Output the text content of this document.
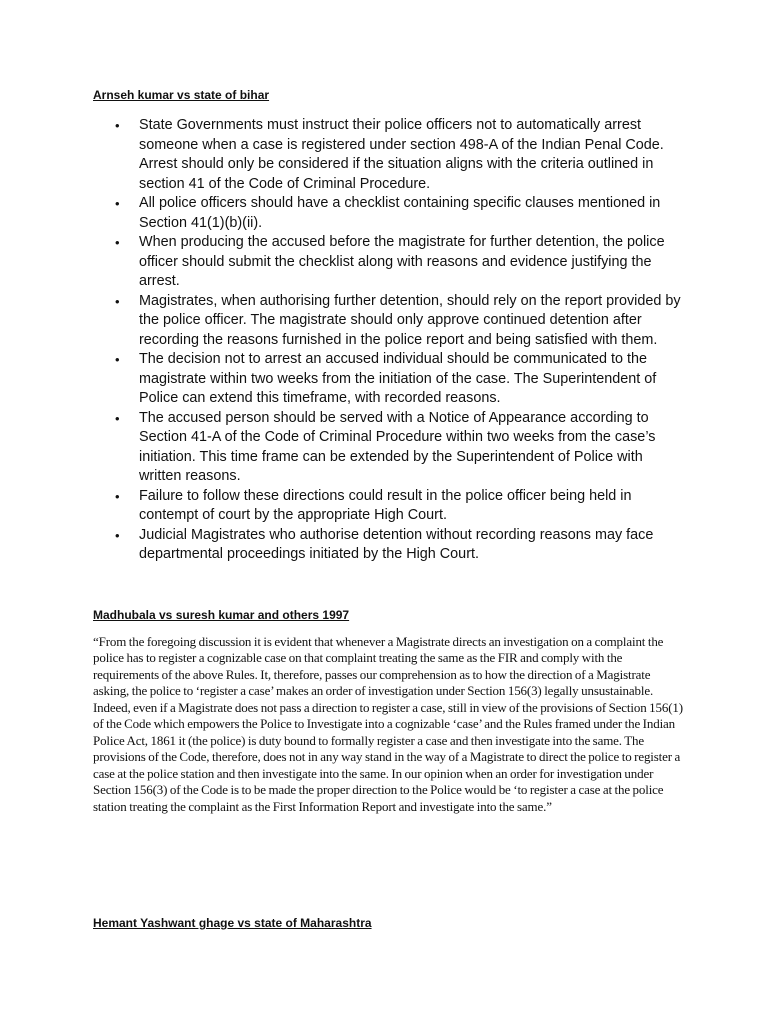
Arnseh kumar vs state of bihar
• State Governments must instruct their police officers not to automatically arrest someone when a case is registered under section 498-A of the Indian Penal Code. Arrest should only be considered if the situation aligns with the criteria outlined in section 41 of the Code of Criminal Procedure.
• All police officers should have a checklist containing specific clauses mentioned in Section 41(1)(b)(ii).
• When producing the accused before the magistrate for further detention, the police officer should submit the checklist along with reasons and evidence justifying the arrest.
• Magistrates, when authorising further detention, should rely on the report provided by the police officer. The magistrate should only approve continued detention after recording the reasons furnished in the police report and being satisfied with them.
• The decision not to arrest an accused individual should be communicated to the magistrate within two weeks from the initiation of the case. The Superintendent of Police can extend this timeframe, with recorded reasons.
• The accused person should be served with a Notice of Appearance according to Section 41-A of the Code of Criminal Procedure within two weeks from the case’s initiation. This time frame can be extended by the Superintendent of Police with written reasons.
• Failure to follow these directions could result in the police officer being held in contempt of court by the appropriate High Court.
• Judicial Magistrates who authorise detention without recording reasons may face departmental proceedings initiated by the High Court.
Madhubala vs suresh kumar and others 1997

“From the foregoing discussion it is evident that whenever a Magistrate directs an investigation on a complaint the police has to register a cognizable case on that complaint treating the same as the FIR and comply with the requirements of the above Rules. It, therefore, passes our comprehension as to how the direction of a Magistrate asking, the police to ‘register a case’ makes an order of investigation under Section 156(3) legally unsustainable. Indeed, even if a Magistrate does not pass a direction to register a case, still in view of the provisions of Section 156(1) of the Code which empowers the Police to Investigate into a cognizable ‘case’ and the Rules framed under the Indian Police Act, 1861 it (the police) is duty bound to formally register a case and then investigate into the same. The provisions of the Code, therefore, does not in any way stand in the way of a Magistrate to direct the police to register a case at the police station and then investigate into the same. In our opinion when an order for investigation under Section 156(3) of the Code is to be made the proper direction to the Police would be ‘to register a case at the police station treating the complaint as the First Information Report and investigate into the same.”

Hemant Yashwant ghage vs state of Maharashtra
